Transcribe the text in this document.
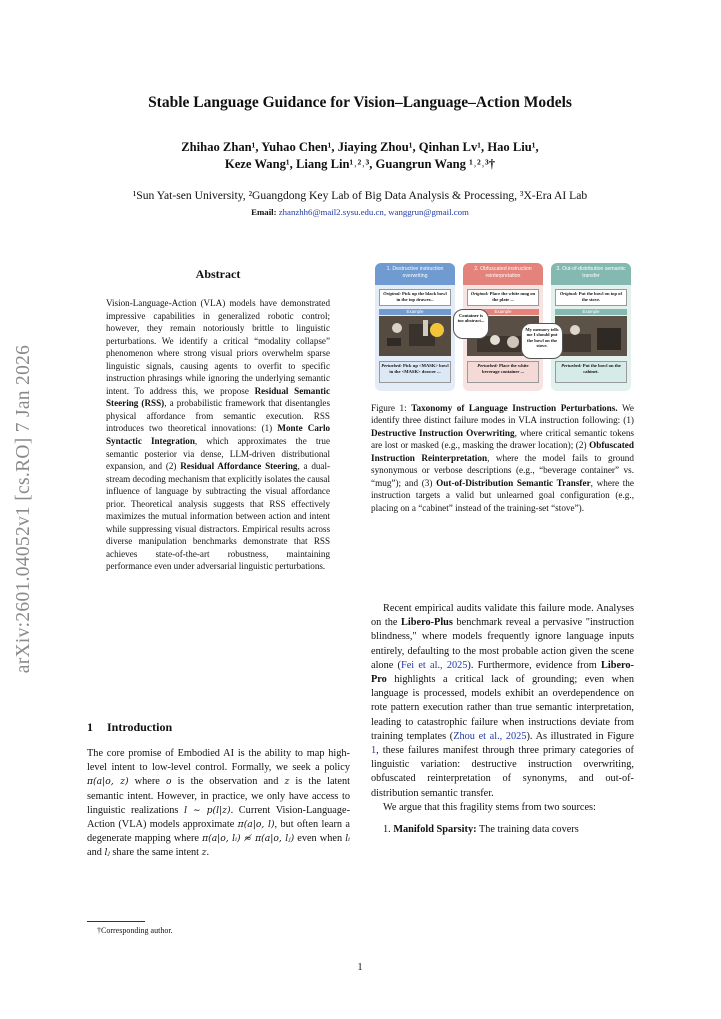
arXiv:2601.04052v1 [cs.RO] 7 Jan 2026
Stable Language Guidance for Vision–Language–Action Models
Zhihao Zhan¹, Yuhao Chen¹, Jiaying Zhou¹, Qinhan Lv¹, Hao Liu¹,
Keze Wang¹, Liang Lin¹˒²˒³, Guangrun Wang ¹˒²˒³†
¹Sun Yat-sen University, ²Guangdong Key Lab of Big Data Analysis & Processing, ³X-Era AI Lab
Email: zhanzhh6@mail2.sysu.edu.cn, wanggrun@gmail.com
Abstract
Vision-Language-Action (VLA) models have demonstrated impressive capabilities in generalized robotic control; however, they remain notoriously brittle to linguistic perturbations. We identify a critical “modality collapse” phenomenon where strong visual priors overwhelm sparse linguistic signals, causing agents to overfit to specific instruction phrasings while ignoring the underlying semantic intent. To address this, we propose Residual Semantic Steering (RSS), a probabilistic framework that disentangles physical affordance from semantic execution. RSS introduces two theoretical innovations: (1) Monte Carlo Syntactic Integration, which approximates the true semantic posterior via dense, LLM-driven distributional expansion, and (2) Residual Affordance Steering, a dual-stream decoding mechanism that explicitly isolates the causal influence of language by subtracting the visual affordance prior. Theoretical analysis suggests that RSS effectively maximizes the mutual information between action and intent while suppressing visual distractors. Empirical results across diverse manipulation benchmarks demonstrate that RSS achieves state-of-the-art robustness, maintaining performance even under adversarial linguistic perturbations.
1 Introduction
The core promise of Embodied AI is the ability to map high-level intent to low-level control. Formally, we seek a policy π(a|o, z) where o is the observation and z is the latent semantic intent. However, in practice, we only have access to linguistic realizations l ∼ p(l|z). Current Vision-Language-Action (VLA) models approximate π(a|o, l), but often learn a degenerate mapping where π(a|o, lᵢ) ≉ π(a|o, lⱼ) even when lᵢ and lⱼ share the same intent z.
†Corresponding author.
1
1. Destructive instruction overwriting
Original: Pick up the black bowl in the top drawer...
Example
Perturbed: Pick up <MASK> bowl in the <MASK> drawer ...
2. Obfuscated instruction reinterpretation
Original: Place the white mug on the plate ...
Example
Perturbed: Place the white beverage container ...
3. Out-of-distribution semantic transfer
Original: Put the bowl on top of the stove.
Example
Perturbed: Put the bowl on the cabinet.
Container is too abstract...
My memory tells me I should put the bowl on the stove.
Figure 1: Taxonomy of Language Instruction Perturbations. We identify three distinct failure modes in VLA instruction following: (1) Destructive Instruction Overwriting, where critical semantic tokens are lost or masked (e.g., masking the drawer location); (2) Obfuscated Instruction Reinterpretation, where the model fails to ground synonymous or verbose descriptions (e.g., “beverage container” vs. “mug”); and (3) Out-of-Distribution Semantic Transfer, where the instruction targets a valid but unlearned goal configuration (e.g., placing on a “cabinet” instead of the training-set “stove”).
Recent empirical audits validate this failure mode. Analyses on the Libero-Plus benchmark reveal a pervasive "instruction blindness," where models frequently ignore language inputs entirely, defaulting to the most probable action given the scene alone (Fei et al., 2025). Furthermore, evidence from Libero-Pro highlights a critical lack of grounding; even when language is processed, models exhibit an overdependence on rote pattern execution rather than true semantic interpretation, leading to catastrophic failure when instructions deviate from training templates (Zhou et al., 2025). As illustrated in Figure 1, these failures manifest through three primary categories of linguistic variation: destructive instruction overwriting, obfuscated reinterpretation of synonyms, and out-of-distribution semantic transfer.
We argue that this fragility stems from two sources:
1. Manifold Sparsity: The training data covers
